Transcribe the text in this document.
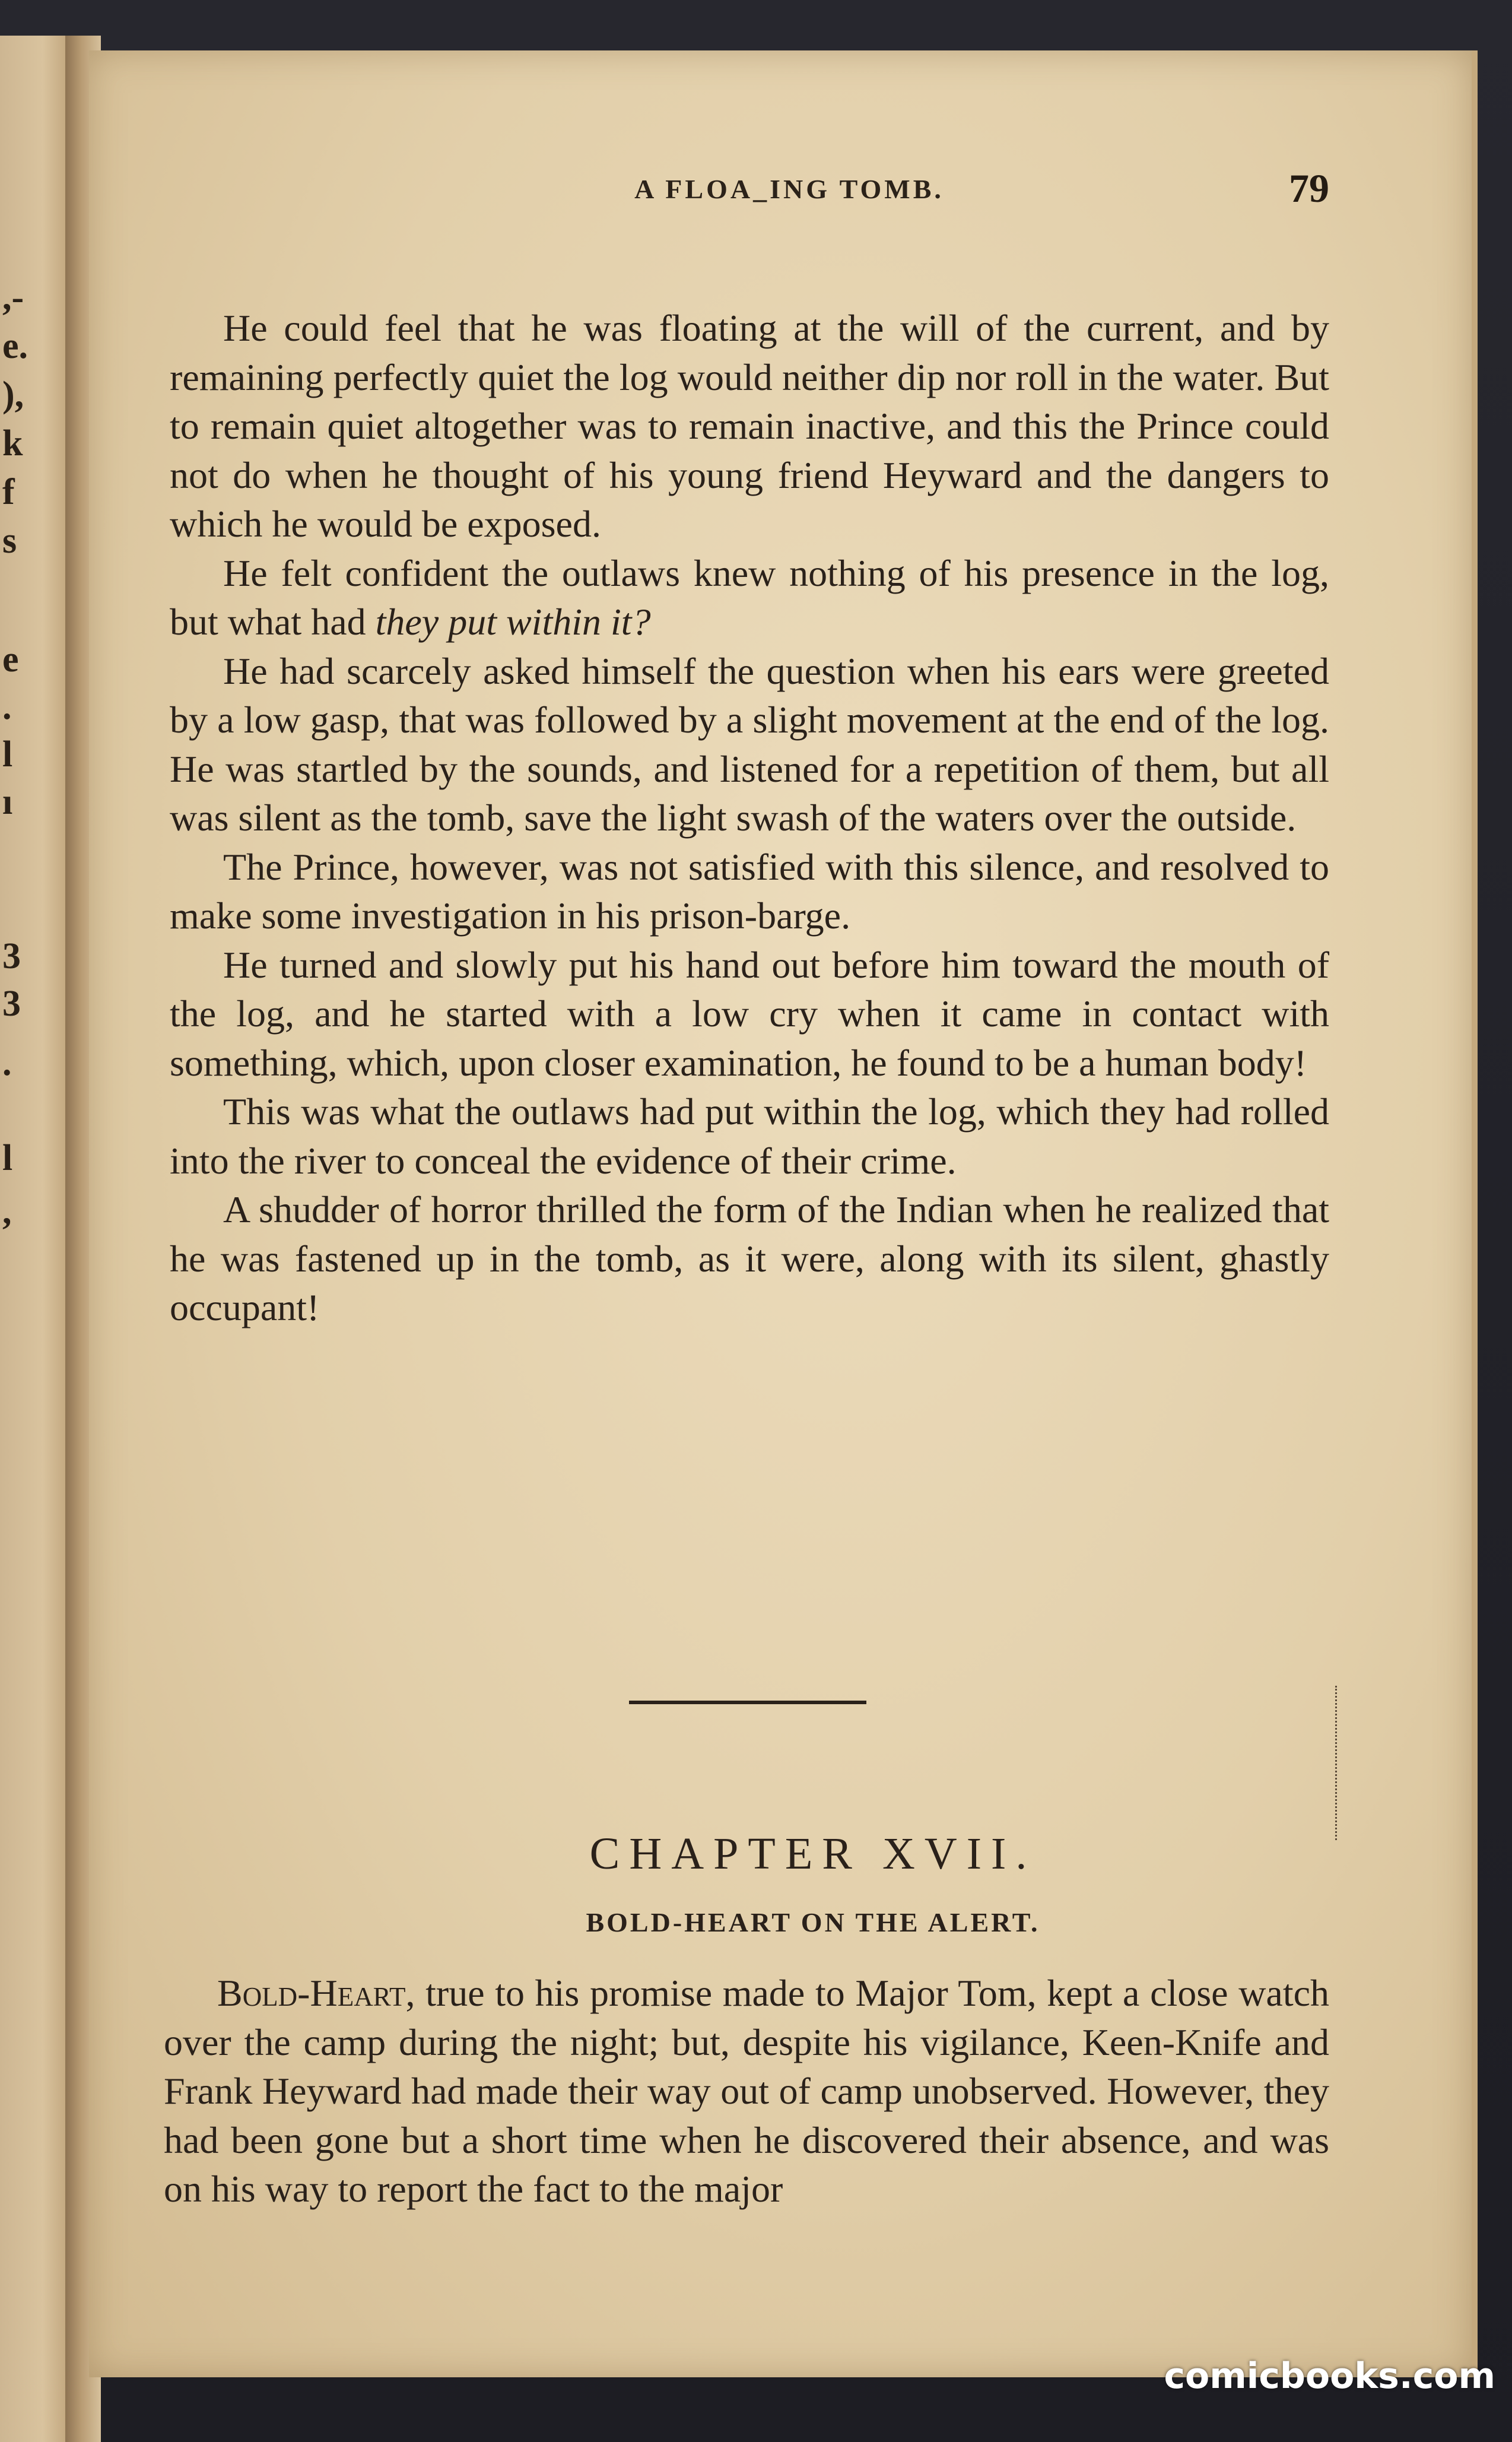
,-
e.
),
k
f
s
e
.
l
ı
3
3
.
l
,
A FLOA_ING TOMB.	79

He could feel that he was floating at the will of the current, and by remaining perfectly quiet the log would neither dip nor roll in the water. But to remain quiet altogether was to remain inactive, and this the Prince could not do when he thought of his young friend Heyward and the dangers to which he would be exposed.

He felt confident the outlaws knew nothing of his presence in the log, but what had they put within it?

He had scarcely asked himself the question when his ears were greeted by a low gasp, that was followed by a slight movement at the end of the log. He was startled by the sounds, and listened for a repetition of them, but all was silent as the tomb, save the light swash of the waters over the outside.

The Prince, however, was not satisfied with this silence, and resolved to make some investigation in his prison-barge.

He turned and slowly put his hand out before him toward the mouth of the log, and he started with a low cry when it came in contact with something, which, upon closer examination, he found to be a human body!

This was what the outlaws had put within the log, which they had rolled into the river to conceal the evidence of their crime.

A shudder of horror thrilled the form of the Indian when he realized that he was fastened up in the tomb, as it were, along with its silent, ghastly occupant!

CHAPTER XVII.
BOLD-HEART ON THE ALERT.

Bold-Heart, true to his promise made to Major Tom, kept a close watch over the camp during the night; but, despite his vigilance, Keen-Knife and Frank Heyward had made their way out of camp unobserved. However, they had been gone but a short time when he discovered their absence, and was on his way to report the fact to the major

comicbooks.com
